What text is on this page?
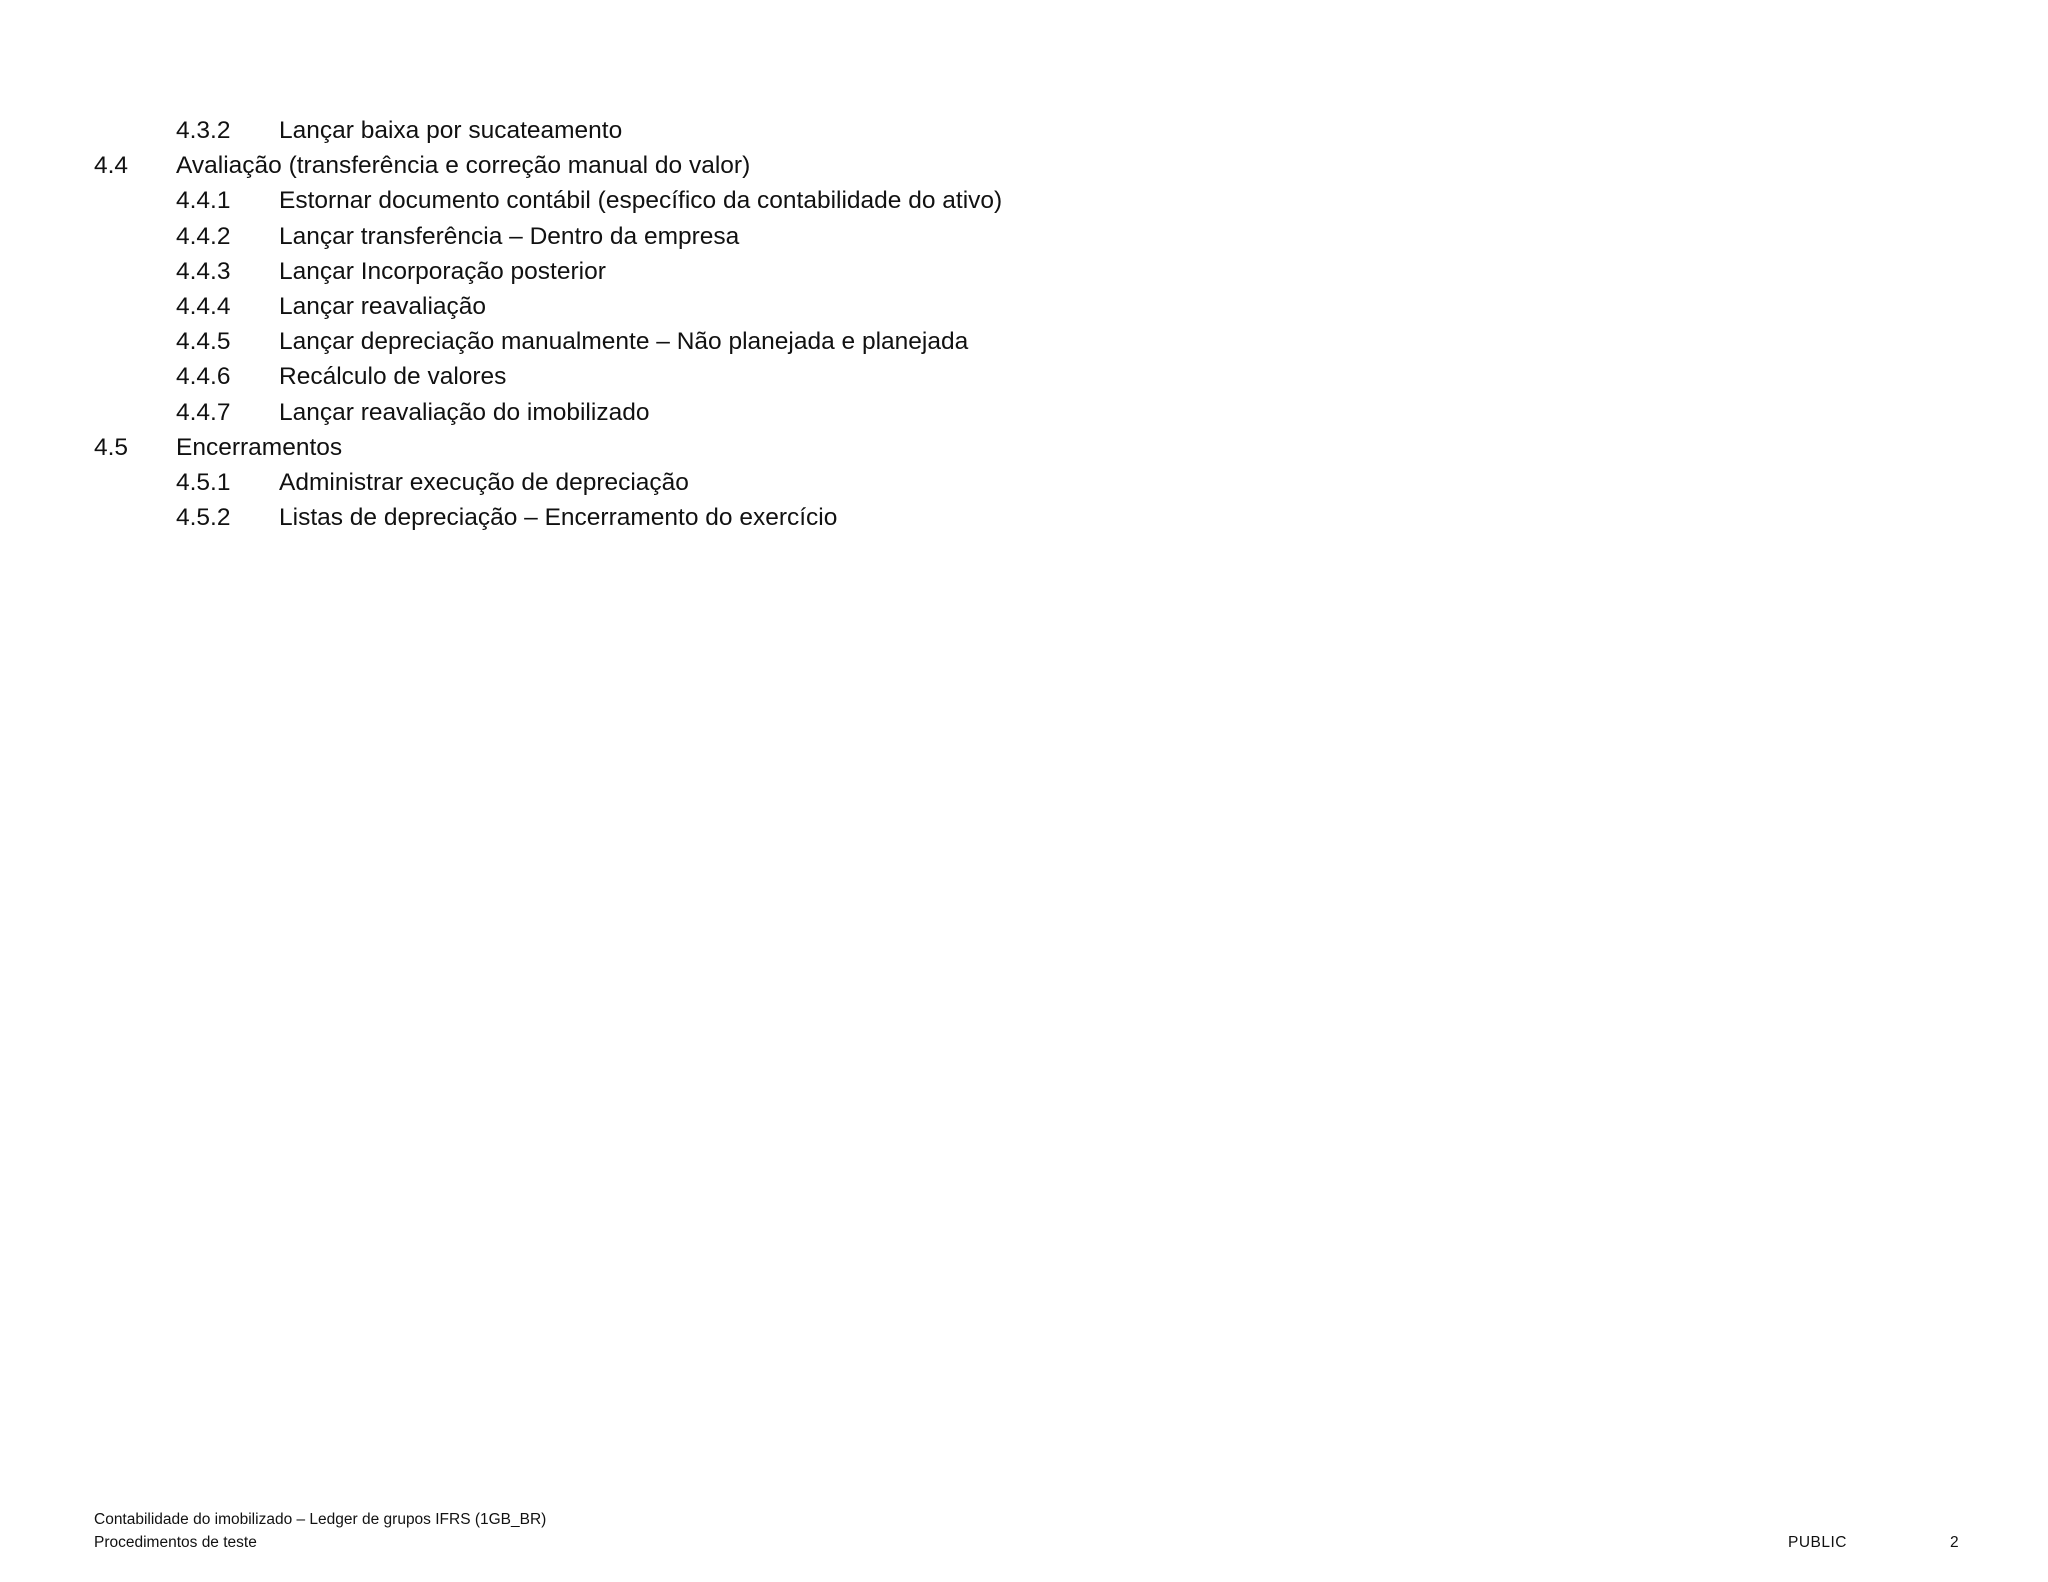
4.3.2 Lançar baixa por sucateamento
4.4 Avaliação (transferência e correção manual do valor)
4.4.1 Estornar documento contábil (específico da contabilidade do ativo)
4.4.2 Lançar transferência – Dentro da empresa
4.4.3 Lançar Incorporação posterior
4.4.4 Lançar reavaliação
4.4.5 Lançar depreciação manualmente – Não planejada e planejada
4.4.6 Recálculo de valores
4.4.7 Lançar reavaliação do imobilizado
4.5 Encerramentos
4.5.1 Administrar execução de depreciação
4.5.2 Listas de depreciação – Encerramento do exercício
Contabilidade do imobilizado – Ledger de grupos IFRS (1GB_BR)
Procedimentos de teste	PUBLIC	2
